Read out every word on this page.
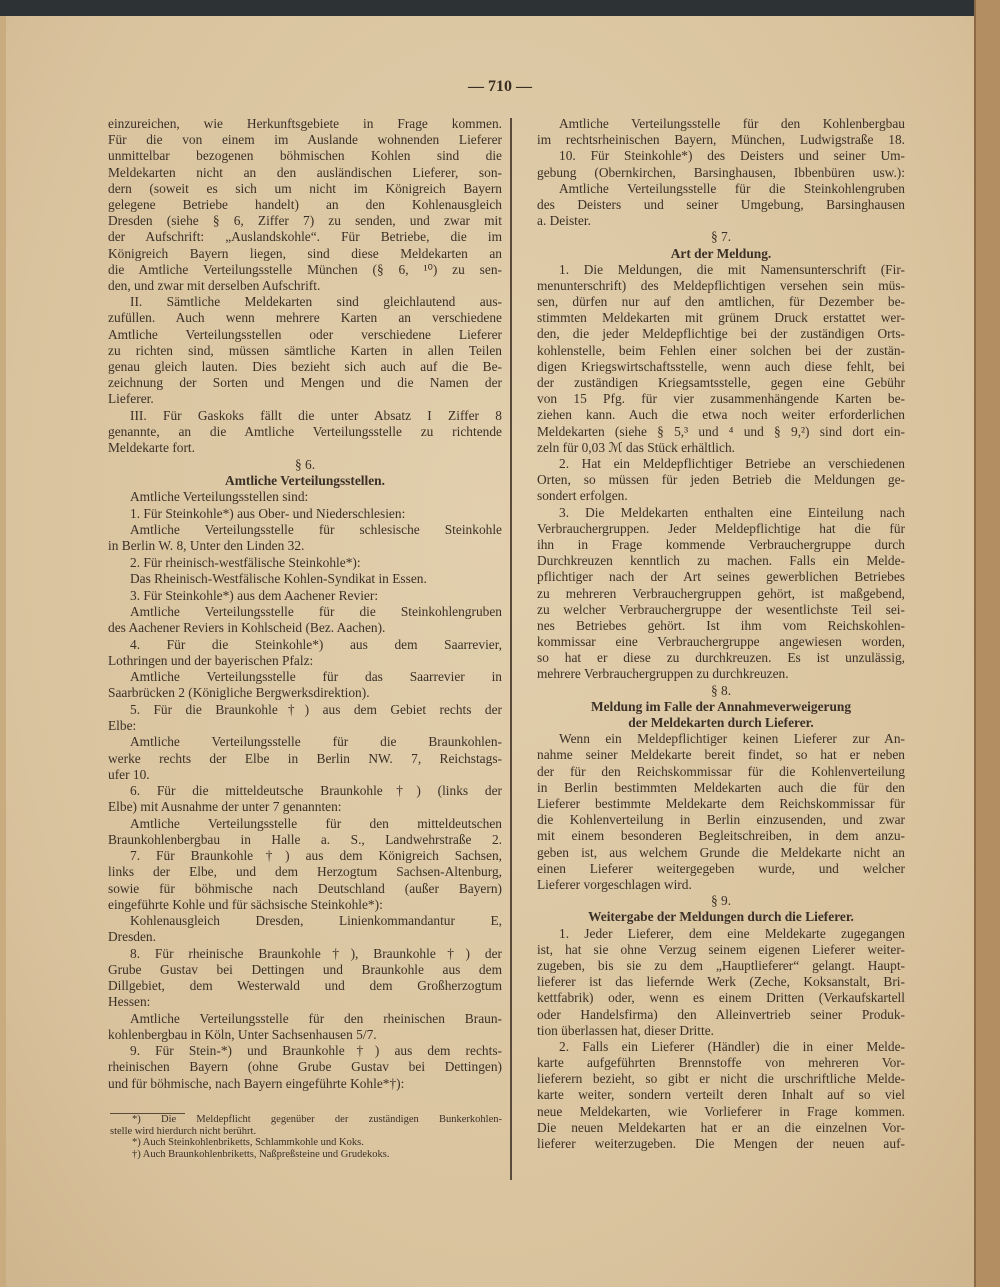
— 710 —
einzureichen, wie Herkunftsgebiete in Frage kommen.
Für die von einem im Auslande wohnenden Lieferer
unmittelbar bezogenen böhmischen Kohlen sind die
Meldekarten nicht an den ausländischen Lieferer, son-
dern (soweit es sich um nicht im Königreich Bayern
gelegene Betriebe handelt) an den Kohlenausgleich
Dresden (siehe § 6, Ziffer 7) zu senden, und zwar mit
der Aufschrift: „Auslandskohle“. Für Betriebe, die im
Königreich Bayern liegen, sind diese Meldekarten an
die Amtliche Verteilungsstelle München (§ 6, ¹⁰) zu sen-
den, und zwar mit derselben Aufschrift.
II. Sämtliche Meldekarten sind gleichlautend aus-
zufüllen. Auch wenn mehrere Karten an verschiedene
Amtliche Verteilungsstellen oder verschiedene Lieferer
zu richten sind, müssen sämtliche Karten in allen Teilen
genau gleich lauten. Dies bezieht sich auch auf die Be-
zeichnung der Sorten und Mengen und die Namen der
Lieferer.
III. Für Gaskoks fällt die unter Absatz I Ziffer 8
genannte, an die Amtliche Verteilungsstelle zu richtende
Meldekarte fort.
§ 6.
Amtliche Verteilungsstellen.
Amtliche Verteilungsstellen sind:
1. Für Steinkohle*) aus Ober- und Niederschlesien:
Amtliche Verteilungsstelle für schlesische Steinkohle
in Berlin W. 8, Unter den Linden 32.
2. Für rheinisch-westfälische Steinkohle*):
Das Rheinisch-Westfälische Kohlen-Syndikat in Essen.
3. Für Steinkohle*) aus dem Aachener Revier:
Amtliche Verteilungsstelle für die Steinkohlengruben
des Aachener Reviers in Kohlscheid (Bez. Aachen).
4. Für die Steinkohle*) aus dem Saarrevier,
Lothringen und der bayerischen Pfalz:
Amtliche Verteilungsstelle für das Saarrevier in
Saarbrücken 2 (Königliche Bergwerksdirektion).
5. Für die Braunkohle†) aus dem Gebiet rechts der
Elbe:
Amtliche Verteilungsstelle für die Braunkohlen-
werke rechts der Elbe in Berlin NW. 7, Reichstags-
ufer 10.
6. Für die mitteldeutsche Braunkohle†) (links der
Elbe) mit Ausnahme der unter 7 genannten:
Amtliche Verteilungsstelle für den mitteldeutschen
Braunkohlenbergbau in Halle a. S., Landwehrstraße 2.
7. Für Braunkohle†) aus dem Königreich Sachsen,
links der Elbe, und dem Herzogtum Sachsen-Altenburg,
sowie für böhmische nach Deutschland (außer Bayern)
eingeführte Kohle und für sächsische Steinkohle*):
Kohlenausgleich Dresden, Linienkommandantur E,
Dresden.
8. Für rheinische Braunkohle†), Braunkohle†) der
Grube Gustav bei Dettingen und Braunkohle aus dem
Dillgebiet, dem Westerwald und dem Großherzogtum
Hessen:
Amtliche Verteilungsstelle für den rheinischen Braun-
kohlenbergbau in Köln, Unter Sachsenhausen 5/7.
9. Für Stein-*) und Braunkohle†) aus dem rechts-
rheinischen Bayern (ohne Grube Gustav bei Dettingen)
und für böhmische, nach Bayern eingeführte Kohle*†):
Amtliche Verteilungsstelle für den Kohlenbergbau
im rechtsrheinischen Bayern, München, Ludwigstraße 18.
10. Für Steinkohle*) des Deisters und seiner Um-
gebung (Obernkirchen, Barsinghausen, Ibbenbüren usw.):
Amtliche Verteilungsstelle für die Steinkohlengruben
des Deisters und seiner Umgebung, Barsinghausen
a. Deister.
§ 7.
Art der Meldung.
1. Die Meldungen, die mit Namensunterschrift (Fir-
menunterschrift) des Meldepflichtigen versehen sein müs-
sen, dürfen nur auf den amtlichen, für Dezember be-
stimmten Meldekarten mit grünem Druck erstattet wer-
den, die jeder Meldepflichtige bei der zuständigen Orts-
kohlenstelle, beim Fehlen einer solchen bei der zustän-
digen Kriegswirtschaftsstelle, wenn auch diese fehlt, bei
der zuständigen Kriegsamtsstelle, gegen eine Gebühr
von 15 Pfg. für vier zusammenhängende Karten be-
ziehen kann. Auch die etwa noch weiter erforderlichen
Meldekarten (siehe § 5,³ und ⁴ und § 9,²) sind dort ein-
zeln für 0,03 ℳ das Stück erhältlich.
2. Hat ein Meldepflichtiger Betriebe an verschiedenen
Orten, so müssen für jeden Betrieb die Meldungen ge-
sondert erfolgen.
3. Die Meldekarten enthalten eine Einteilung nach
Verbrauchergruppen. Jeder Meldepflichtige hat die für
ihn in Frage kommende Verbrauchergruppe durch
Durchkreuzen kenntlich zu machen. Falls ein Melde-
pflichtiger nach der Art seines gewerblichen Betriebes
zu mehreren Verbrauchergruppen gehört, ist maßgebend,
zu welcher Verbrauchergruppe der wesentlichste Teil sei-
nes Betriebes gehört. Ist ihm vom Reichskohlen-
kommissar eine Verbrauchergruppe angewiesen worden,
so hat er diese zu durchkreuzen. Es ist unzulässig,
mehrere Verbrauchergruppen zu durchkreuzen.
§ 8.
Meldung im Falle der Annahmeverweigerung
der Meldekarten durch Lieferer.
Wenn ein Meldepflichtiger keinen Lieferer zur An-
nahme seiner Meldekarte bereit findet, so hat er neben
der für den Reichskommissar für die Kohlenverteilung
in Berlin bestimmten Meldekarten auch die für den
Lieferer bestimmte Meldekarte dem Reichskommissar für
die Kohlenverteilung in Berlin einzusenden, und zwar
mit einem besonderen Begleitschreiben, in dem anzu-
geben ist, aus welchem Grunde die Meldekarte nicht an
einen Lieferer weitergegeben wurde, und welcher
Lieferer vorgeschlagen wird.
§ 9.
Weitergabe der Meldungen durch die Lieferer.
1. Jeder Lieferer, dem eine Meldekarte zugegangen
ist, hat sie ohne Verzug seinem eigenen Lieferer weiter-
zugeben, bis sie zu dem „Hauptlieferer“ gelangt. Haupt-
lieferer ist das liefernde Werk (Zeche, Koksanstalt, Bri-
kettfabrik) oder, wenn es einem Dritten (Verkaufskartell
oder Handelsfirma) den Alleinvertrieb seiner Produk-
tion überlassen hat, dieser Dritte.
2. Falls ein Lieferer (Händler) die in einer Melde-
karte aufgeführten Brennstoffe von mehreren Vor-
lieferern bezieht, so gibt er nicht die urschriftliche Melde-
karte weiter, sondern verteilt deren Inhalt auf so viel
neue Meldekarten, wie Vorlieferer in Frage kommen.
Die neuen Meldekarten hat er an die einzelnen Vor-
lieferer weiterzugeben. Die Mengen der neuen auf-
*) Die Meldepflicht gegenüber der zuständigen Bunkerkohlen-
stelle wird hierdurch nicht berührt.
*) Auch Steinkohlenbriketts, Schlammkohle und Koks.
†) Auch Braunkohlenbriketts, Naßpreßsteine und Grudekoks.
